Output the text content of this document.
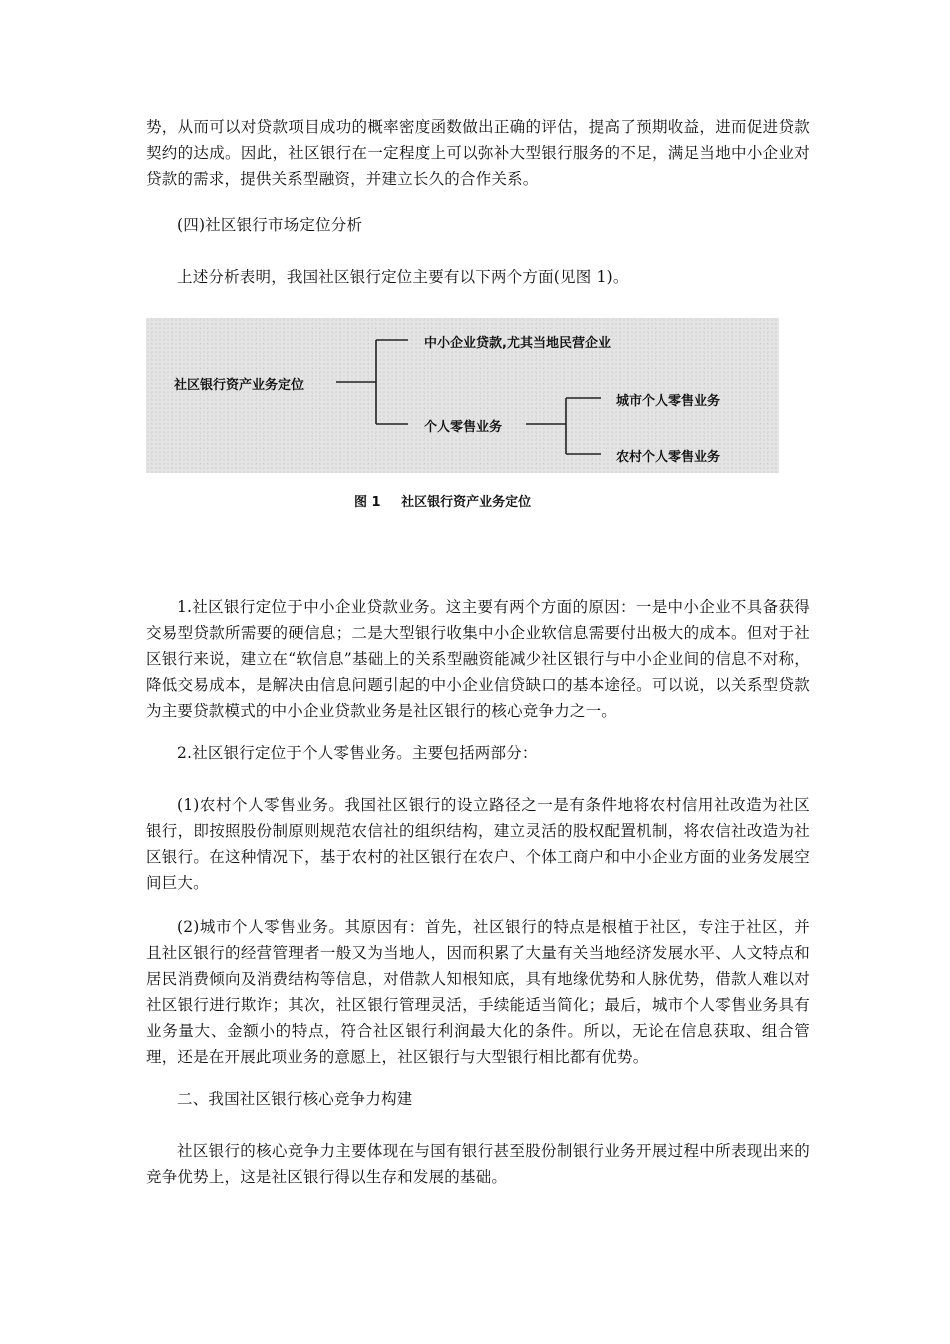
势，从而可以对贷款项目成功的概率密度函数做出正确的评估，提高了预期收益，进而促进贷款契约的达成。因此，社区银行在一定程度上可以弥补大型银行服务的不足，满足当地中小企业对贷款的需求，提供关系型融资，并建立长久的合作关系。

(四)社区银行市场定位分析

上述分析表明，我国社区银行定位主要有以下两个方面(见图 1)。

社区银行资产业务定位
中小企业贷款,尤其当地民营企业
个人零售业务
城市个人零售业务
农村个人零售业务
图 1 社区银行资产业务定位

1.社区银行定位于中小企业贷款业务。这主要有两个方面的原因：一是中小企业不具备获得交易型贷款所需要的硬信息；二是大型银行收集中小企业软信息需要付出极大的成本。但对于社区银行来说，建立在“软信息”基础上的关系型融资能减少社区银行与中小企业间的信息不对称，降低交易成本，是解决由信息问题引起的中小企业信贷缺口的基本途径。可以说，以关系型贷款为主要贷款模式的中小企业贷款业务是社区银行的核心竞争力之一。

2.社区银行定位于个人零售业务。主要包括两部分：

(1)农村个人零售业务。我国社区银行的设立路径之一是有条件地将农村信用社改造为社区银行，即按照股份制原则规范农信社的组织结构，建立灵活的股权配置机制，将农信社改造为社区银行。在这种情况下，基于农村的社区银行在农户、个体工商户和中小企业方面的业务发展空间巨大。

(2)城市个人零售业务。其原因有：首先，社区银行的特点是根植于社区，专注于社区，并且社区银行的经营管理者一般又为当地人，因而积累了大量有关当地经济发展水平、人文特点和居民消费倾向及消费结构等信息，对借款人知根知底，具有地缘优势和人脉优势，借款人难以对社区银行进行欺诈；其次，社区银行管理灵活，手续能适当简化；最后，城市个人零售业务具有业务量大、金额小的特点，符合社区银行利润最大化的条件。所以，无论在信息获取、组合管理，还是在开展此项业务的意愿上，社区银行与大型银行相比都有优势。

二、我国社区银行核心竞争力构建

社区银行的核心竞争力主要体现在与国有银行甚至股份制银行业务开展过程中所表现出来的竞争优势上，这是社区银行得以生存和发展的基础。
